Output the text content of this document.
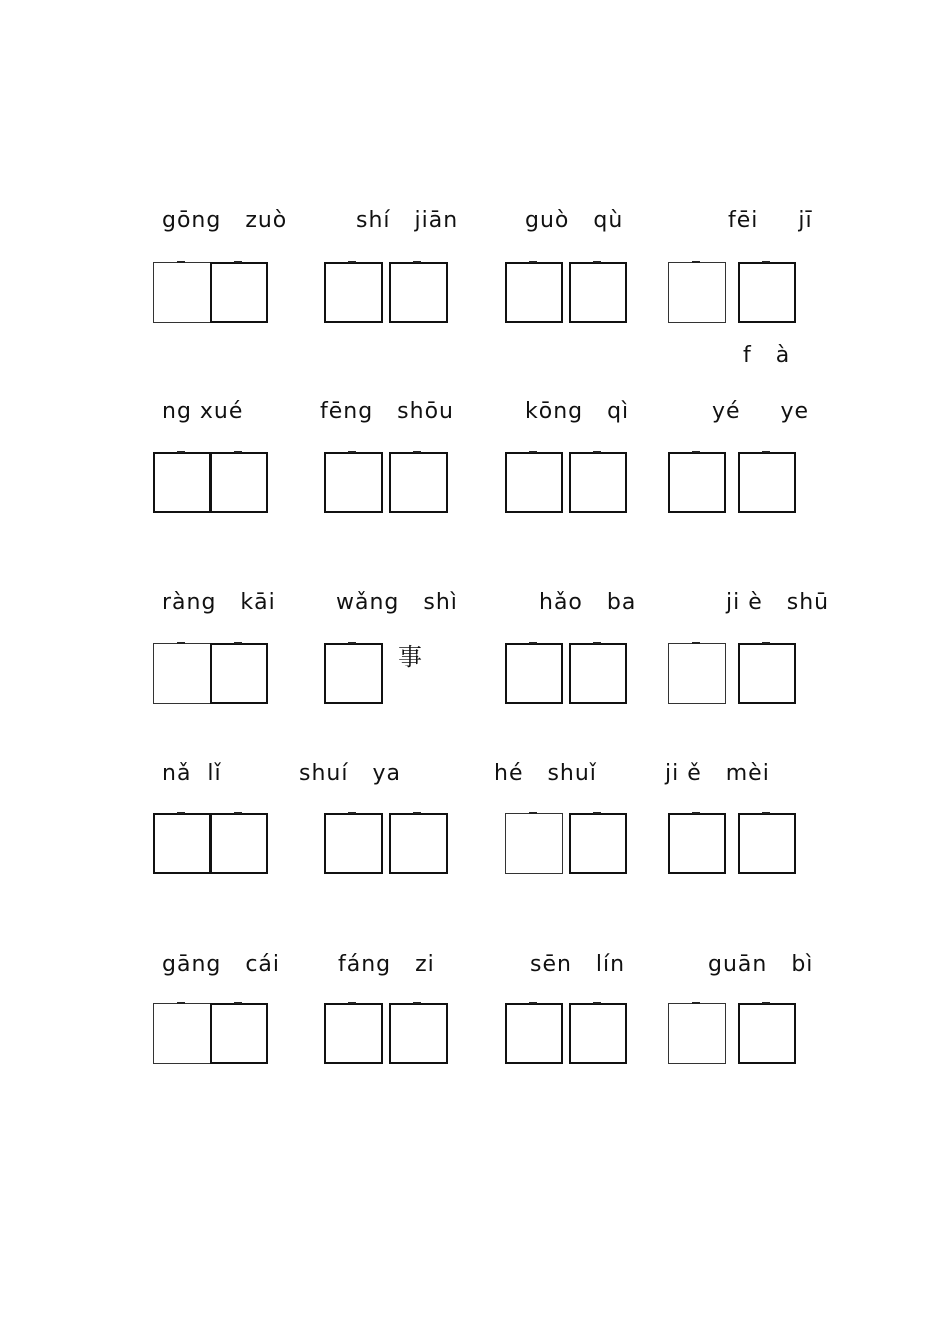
gōng   zuò	shí   jiān	guò   qù	fēi     jī
f   à
ng xué	fēng   shōu	kōng   qì	yé     ye
ràng   kāi	wǎng   shì	hǎo   ba	ji è   shū
事
nǎ  lǐ	shuí   ya	hé   shuǐ	ji ě   mèi
gāng   cái	fáng   zi	sēn   lín	guān   bì
